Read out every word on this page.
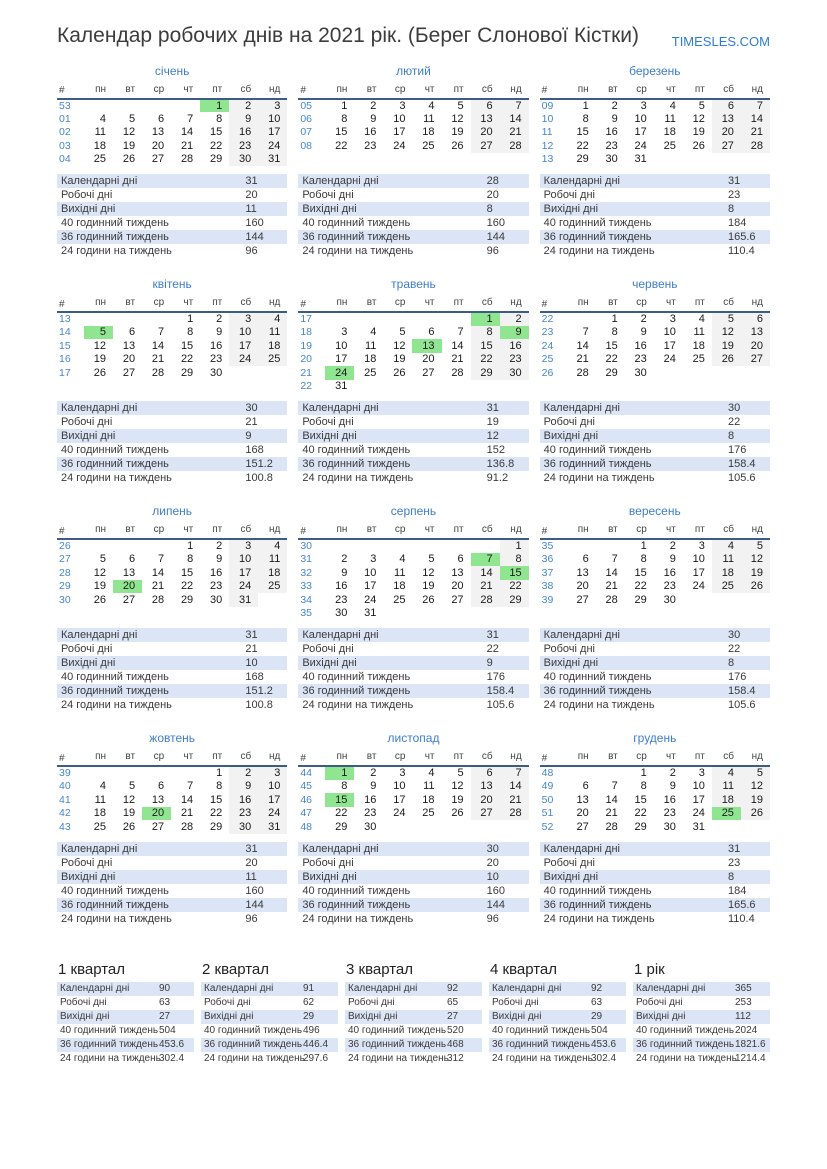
Календар робочих днів на 2021 рік. (Берег Слонової Кістки)	TIMESLES.COM
січень
#	пн	вт	ср	чт	пт	сб	нд
53					1	2	3
01	4	5	6	7	8	9	10
02	11	12	13	14	15	16	17
03	18	19	20	21	22	23	24
04	25	26	27	28	29	30	31
лютий
#	пн	вт	ср	чт	пт	сб	нд
05	1	2	3	4	5	6	7
06	8	9	10	11	12	13	14
07	15	16	17	18	19	20	21
08	22	23	24	25	26	27	28
березень
#	пн	вт	ср	чт	пт	сб	нд
09	1	2	3	4	5	6	7
10	8	9	10	11	12	13	14
11	15	16	17	18	19	20	21
12	22	23	24	25	26	27	28
13	29	30	31				
Календарні дні	31
Робочі дні	20
Вихідні дні	11
40 годинний тиждень	160
36 годинний тиждень	144
24 години на тиждень	96
Календарні дні	28
Робочі дні	20
Вихідні дні	8
40 годинний тиждень	160
36 годинний тиждень	144
24 години на тиждень	96
Календарні дні	31
Робочі дні	23
Вихідні дні	8
40 годинний тиждень	184
36 годинний тиждень	165.6
24 години на тиждень	110.4
квітень
#	пн	вт	ср	чт	пт	сб	нд
13				1	2	3	4
14	5	6	7	8	9	10	11
15	12	13	14	15	16	17	18
16	19	20	21	22	23	24	25
17	26	27	28	29	30		
травень
#	пн	вт	ср	чт	пт	сб	нд
17						1	2
18	3	4	5	6	7	8	9
19	10	11	12	13	14	15	16
20	17	18	19	20	21	22	23
21	24	25	26	27	28	29	30
22	31						
червень
#	пн	вт	ср	чт	пт	сб	нд
22		1	2	3	4	5	6
23	7	8	9	10	11	12	13
24	14	15	16	17	18	19	20
25	21	22	23	24	25	26	27
26	28	29	30				
Календарні дні	30
Робочі дні	21
Вихідні дні	9
40 годинний тиждень	168
36 годинний тиждень	151.2
24 години на тиждень	100.8
Календарні дні	31
Робочі дні	19
Вихідні дні	12
40 годинний тиждень	152
36 годинний тиждень	136.8
24 години на тиждень	91.2
Календарні дні	30
Робочі дні	22
Вихідні дні	8
40 годинний тиждень	176
36 годинний тиждень	158.4
24 години на тиждень	105.6
липень
#	пн	вт	ср	чт	пт	сб	нд
26				1	2	3	4
27	5	6	7	8	9	10	11
28	12	13	14	15	16	17	18
29	19	20	21	22	23	24	25
30	26	27	28	29	30	31	
серпень
#	пн	вт	ср	чт	пт	сб	нд
30							1
31	2	3	4	5	6	7	8
32	9	10	11	12	13	14	15
33	16	17	18	19	20	21	22
34	23	24	25	26	27	28	29
35	30	31					
вересень
#	пн	вт	ср	чт	пт	сб	нд
35			1	2	3	4	5
36	6	7	8	9	10	11	12
37	13	14	15	16	17	18	19
38	20	21	22	23	24	25	26
39	27	28	29	30			
Календарні дні	31
Робочі дні	21
Вихідні дні	10
40 годинний тиждень	168
36 годинний тиждень	151.2
24 години на тиждень	100.8
Календарні дні	31
Робочі дні	22
Вихідні дні	9
40 годинний тиждень	176
36 годинний тиждень	158.4
24 години на тиждень	105.6
Календарні дні	30
Робочі дні	22
Вихідні дні	8
40 годинний тиждень	176
36 годинний тиждень	158.4
24 години на тиждень	105.6
жовтень
#	пн	вт	ср	чт	пт	сб	нд
39					1	2	3
40	4	5	6	7	8	9	10
41	11	12	13	14	15	16	17
42	18	19	20	21	22	23	24
43	25	26	27	28	29	30	31
листопад
#	пн	вт	ср	чт	пт	сб	нд
44	1	2	3	4	5	6	7
45	8	9	10	11	12	13	14
46	15	16	17	18	19	20	21
47	22	23	24	25	26	27	28
48	29	30					
грудень
#	пн	вт	ср	чт	пт	сб	нд
48			1	2	3	4	5
49	6	7	8	9	10	11	12
50	13	14	15	16	17	18	19
51	20	21	22	23	24	25	26
52	27	28	29	30	31		
Календарні дні	31
Робочі дні	20
Вихідні дні	11
40 годинний тиждень	160
36 годинний тиждень	144
24 години на тиждень	96
Календарні дні	30
Робочі дні	20
Вихідні дні	10
40 годинний тиждень	160
36 годинний тиждень	144
24 години на тиждень	96
Календарні дні	31
Робочі дні	23
Вихідні дні	8
40 годинний тиждень	184
36 годинний тиждень	165.6
24 години на тиждень	110.4
1 квартал
Календарні дні	90
Робочі дні	63
Вихідні дні	27
40 годинний тиждень	504
36 годинний тиждень	453.6
24 години на тиждень	302.4
2 квартал
Календарні дні	91
Робочі дні	62
Вихідні дні	29
40 годинний тиждень	496
36 годинний тиждень	446.4
24 години на тиждень	297.6
3 квартал
Календарні дні	92
Робочі дні	65
Вихідні дні	27
40 годинний тиждень	520
36 годинний тиждень	468
24 години на тиждень	312
4 квартал
Календарні дні	92
Робочі дні	63
Вихідні дні	29
40 годинний тиждень	504
36 годинний тиждень	453.6
24 години на тиждень	302.4
1 рік
Календарні дні	365
Робочі дні	253
Вихідні дні	112
40 годинний тиждень	2024
36 годинний тиждень	1821.6
24 години на тиждень	1214.4
